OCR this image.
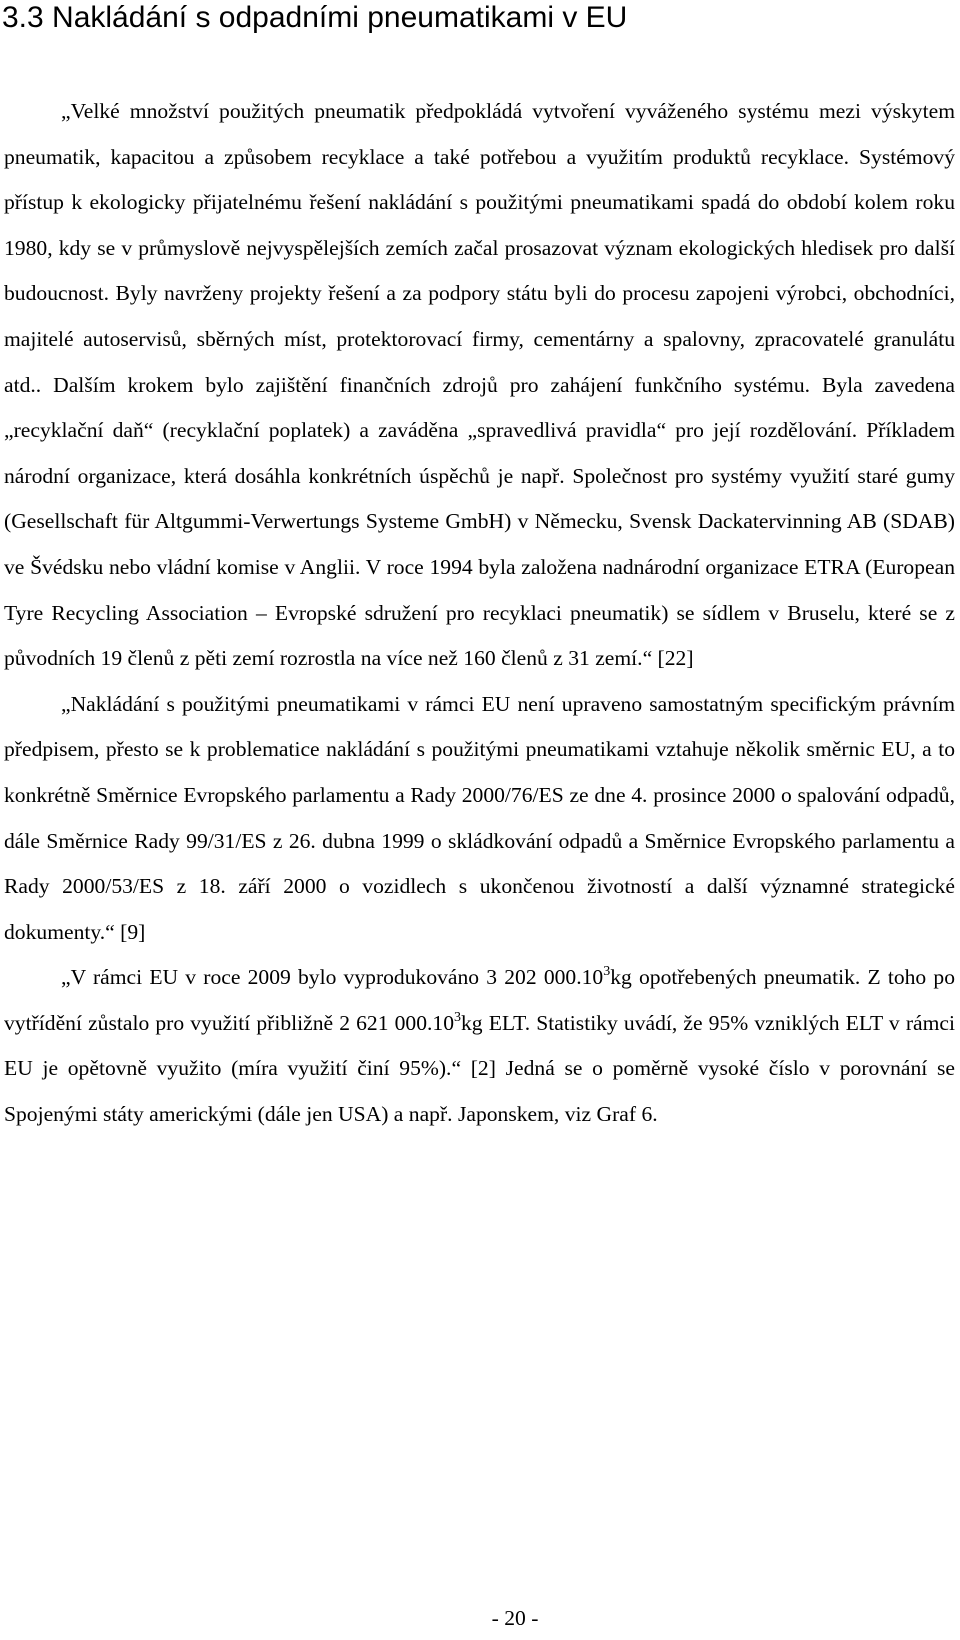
3.3 Nakládání s odpadními pneumatikami v EU

„Velké množství použitých pneumatik předpokládá vytvoření vyváženého systému mezi výskytem pneumatik, kapacitou a způsobem recyklace a také potřebou a využitím produktů recyklace. Systémový přístup k ekologicky přijatelnému řešení nakládání s použitými pneumatikami spadá do období kolem roku 1980, kdy se v průmyslově nejvyspělejších zemích začal prosazovat význam ekologických hledisek pro další budoucnost. Byly navrženy projekty řešení a za podpory státu byli do procesu zapojeni výrobci, obchodníci, majitelé autoservisů, sběrných míst, protektorovací firmy, cementárny a spalovny, zpracovatelé granulátu atd.. Dalším krokem bylo zajištění finančních zdrojů pro zahájení funkčního systému. Byla zavedena „recyklační daň“ (recyklační poplatek) a zaváděna „spravedlivá pravidla“ pro její rozdělování. Příkladem národní organizace, která dosáhla konkrétních úspěchů je např. Společnost pro systémy využití staré gumy (Gesellschaft für Altgummi-Verwertungs Systeme GmbH) v Německu, Svensk Dackatervinning AB (SDAB) ve Švédsku nebo vládní komise v Anglii. V roce 1994 byla založena nadnárodní organizace ETRA (European Tyre Recycling Association – Evropské sdružení pro recyklaci pneumatik) se sídlem v Bruselu, které se z původních 19 členů z pěti zemí rozrostla na více než 160 členů z 31 zemí.“ [22]

„Nakládání s použitými pneumatikami v rámci EU není upraveno samostatným specifickým právním předpisem, přesto se k problematice nakládání s použitými pneumatikami vztahuje několik směrnic EU, a to konkrétně Směrnice Evropského parlamentu a Rady 2000/76/ES ze dne 4. prosince 2000 o spalování odpadů, dále Směrnice Rady 99/31/ES z 26. dubna 1999 o skládkování odpadů a Směrnice Evropského parlamentu a Rady 2000/53/ES z 18. září 2000 o vozidlech s ukončenou životností a další významné strategické dokumenty.“ [9]

„V rámci EU v roce 2009 bylo vyprodukováno 3 202 000.10$^3$kg opotřebených pneumatik. Z toho po vytřídění zůstalo pro využití přibližně 2 621 000.10$^3$kg ELT. Statistiky uvádí, že 95% vzniklých ELT v rámci EU je opětovně využito (míra využití činí 95%).“ [2] Jedná se o poměrně vysoké číslo v porovnání se Spojenými státy americkými (dále jen USA) a např. Japonskem, viz Graf 6.

- 20 -
